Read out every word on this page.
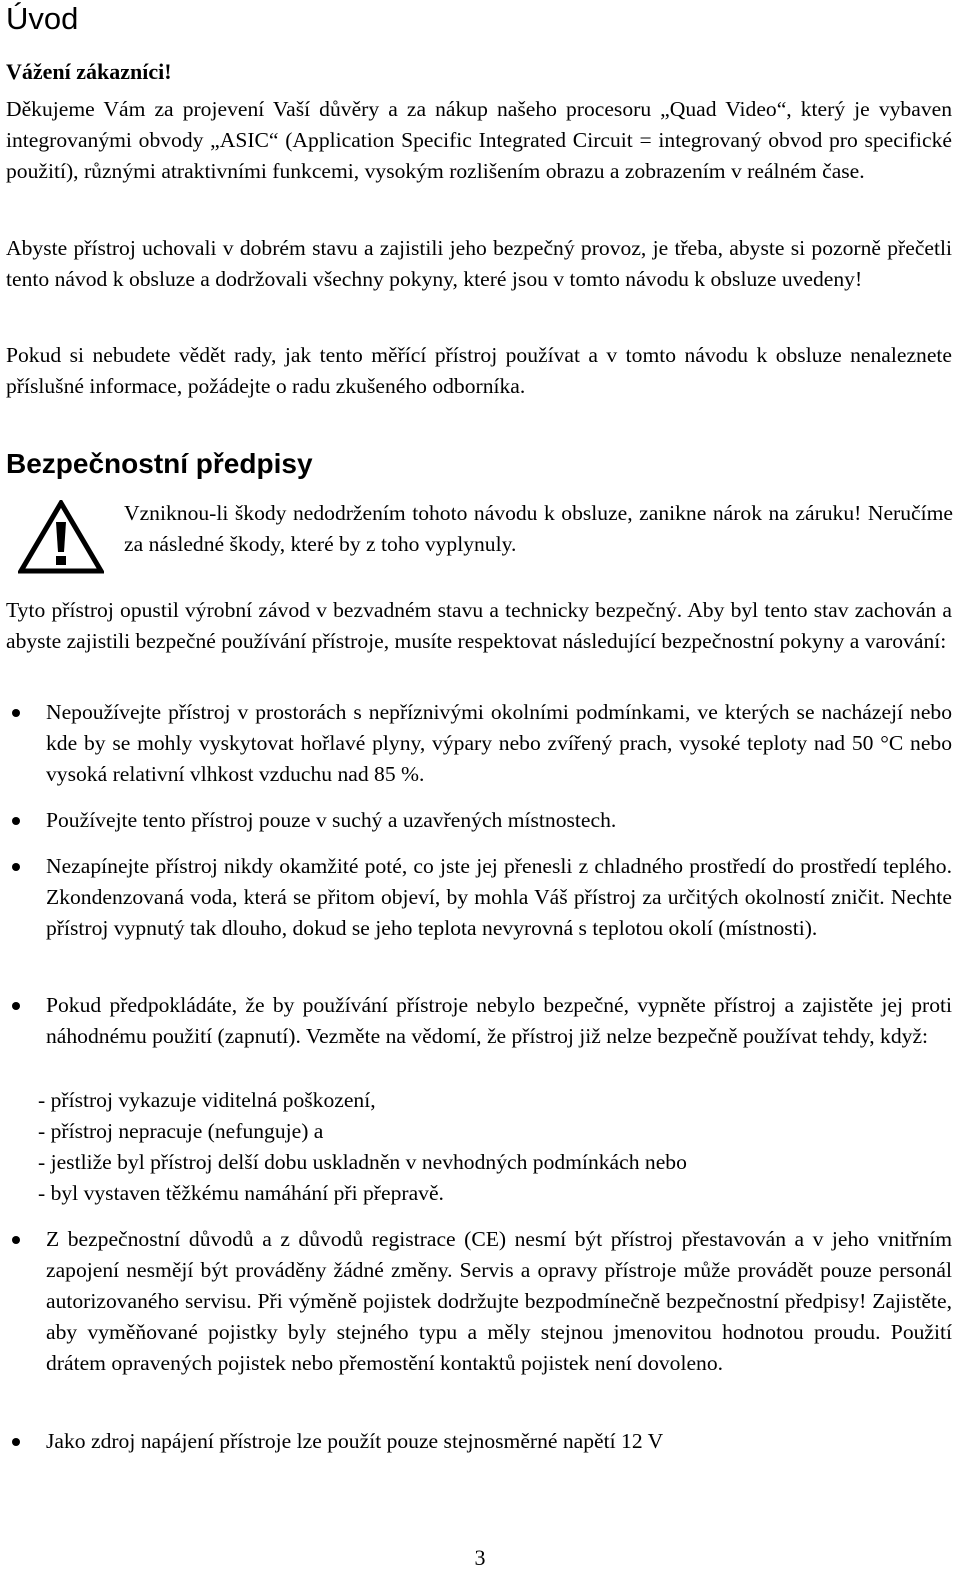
Úvod
Vážení zákazníci!

Děkujeme Vám za projevení Vaší důvěry a za nákup našeho procesoru „Quad Video“, který je vybaven integrovanými obvody „ASIC“ (Application Specific Integrated Circuit = integrovaný obvod pro specifické použití), různými atraktivními funkcemi, vysokým rozlišením obrazu a zobrazením v reálném čase.

Abyste přístroj uchovali v dobrém stavu a zajistili jeho bezpečný provoz, je třeba, abyste si pozorně přečetli tento návod k obsluze a dodržovali všechny pokyny, které jsou v tomto návodu k obsluze uvedeny!

Pokud si nebudete vědět rady, jak tento měřící přístroj používat a v tomto návodu k obsluze nenaleznete příslušné informace, požádejte o radu zkušeného odborníka.

Bezpečnostní předpisy

Vzniknou-li škody nedodržením tohoto návodu k obsluze, zanikne nárok na záruku! Neručíme za následné škody, které by z toho vyplynuly.

Tyto přístroj opustil výrobní závod v bezvadném stavu a technicky bezpečný. Aby byl tento stav zachován a abyste zajistili bezpečné používání přístroje, musíte respektovat následující bezpečnostní pokyny a varování:

Nepoužívejte přístroj v prostorách s nepříznivými okolními podmínkami, ve kterých se nacházejí nebo kde by se mohly vyskytovat hořlavé plyny, výpary nebo zvířený prach, vysoké teploty nad 50 °C nebo vysoká relativní vlhkost vzduchu nad 85 %.

Používejte tento přístroj pouze v suchý a uzavřených místnostech.

Nezapínejte přístroj nikdy okamžité poté, co jste jej přenesli z chladného prostředí do prostředí teplého. Zkondenzovaná voda, která se přitom objeví, by mohla Váš přístroj za určitých okolností zničit. Nechte přístroj vypnutý tak dlouho, dokud se jeho teplota nevyrovná s teplotou okolí (místnosti).

Pokud předpokládáte, že by používání přístroje nebylo bezpečné, vypněte přístroj a zajistěte jej proti náhodnému použití (zapnutí). Vezměte na vědomí, že přístroj již nelze bezpečně používat tehdy, když:

- přístroj vykazuje viditelná poškození,
- přístroj nepracuje (nefunguje) a
- jestliže byl přístroj delší dobu uskladněn v nevhodných podmínkách nebo
- byl vystaven těžkému namáhání při přepravě.

Z bezpečnostní důvodů a z důvodů registrace (CE) nesmí být přístroj přestavován a v jeho vnitřním zapojení nesmějí být prováděny žádné změny. Servis a opravy přístroje může provádět pouze personál autorizovaného servisu. Při výměně pojistek dodržujte bezpodmínečně bezpečnostní předpisy! Zajistěte, aby vyměňované pojistky byly stejného typu a měly stejnou jmenovitou hodnotou proudu. Použití drátem opravených pojistek nebo přemostění kontaktů pojistek není dovoleno.

Jako zdroj napájení přístroje lze použít pouze stejnosměrné napětí 12 V

3
